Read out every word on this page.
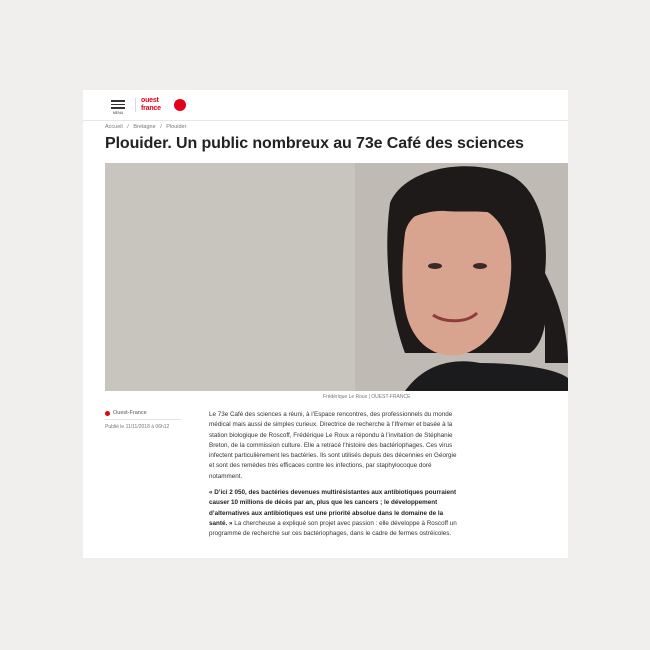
MENU
ouest
france
Accueil / Bretagne / Plouider
Plouider. Un public nombreux au 73e Café des sciences
Frédérique Le Roux | OUEST-FRANCE
Ouest-France
Publié le 11/11/2018 à 06h12

Le 73e Café des sciences a réuni, à l’Espace rencontres, des professionnels du monde médical mais aussi de simples curieux. Directrice de recherche à l’Ifremer et basée à la station biologique de Roscoff, Frédérique Le Roux a répondu à l’invitation de Stéphanie Breton, de la commission culture. Elle a retracé l’histoire des bactériophages. Ces virus infectent particulièrement les bactéries. Ils sont utilisés depuis des décennies en Géorgie et sont des remèdes très efficaces contre les infections, par staphylocoque doré notamment.

« D’ici 2 050, des bactéries devenues multirésistantes aux antibiotiques pourraient causer 10 millions de décès par an, plus que les cancers ; le développement d’alternatives aux antibiotiques est une priorité absolue dans le domaine de la santé. » La chercheuse a expliqué son projet avec passion : elle développe à Roscoff un programme de recherche sur ces bactériophages, dans le cadre de fermes ostréicoles.
